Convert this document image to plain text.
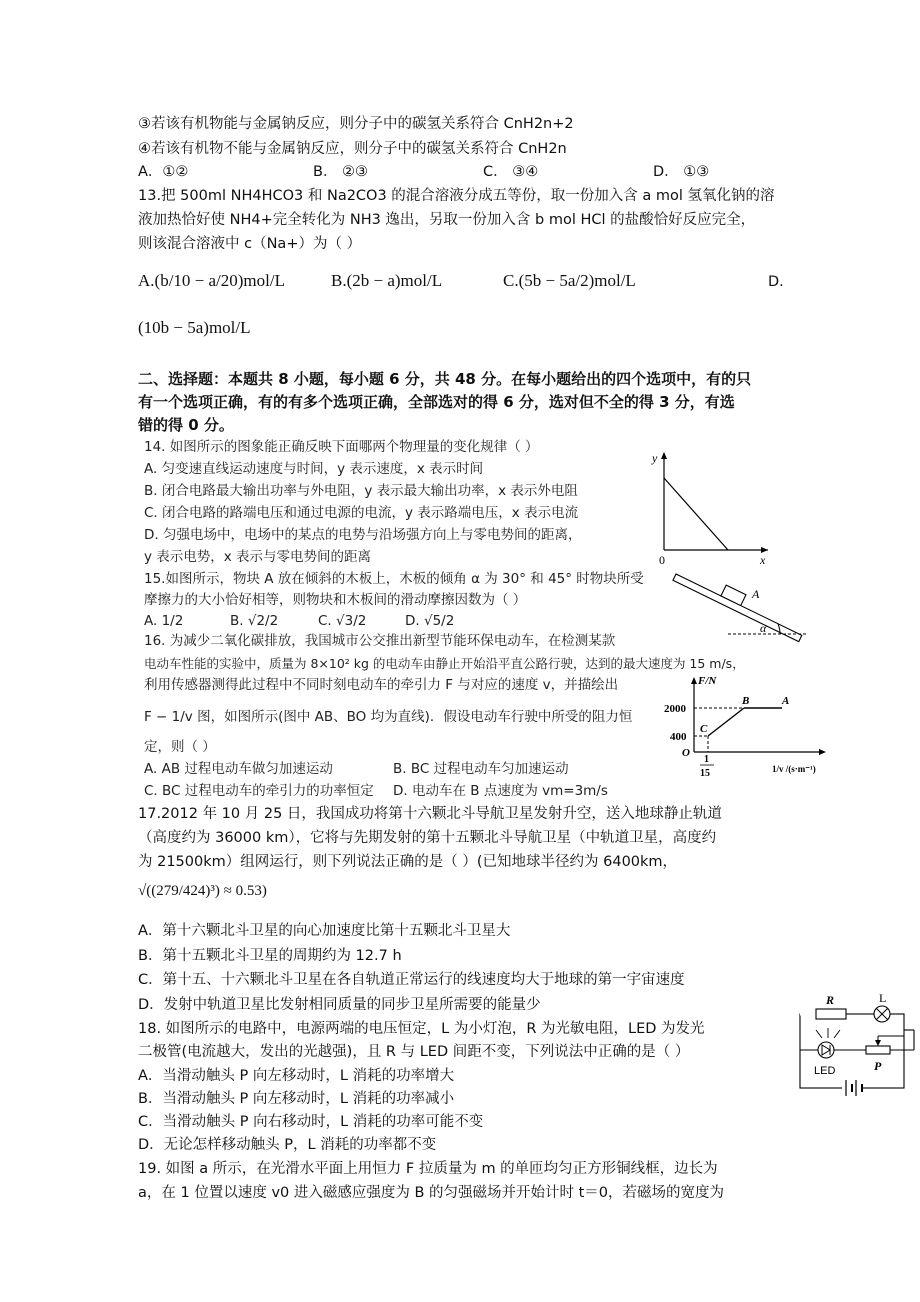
③若该有机物能与金属钠反应，则分子中的碳氢关系符合 CnH2n+2
④若该有机物不能与金属钠反应，则分子中的碳氢关系符合 CnH2n
A．①②	B． ②③	C． ③④	D． ①③
13.把 500ml NH4HCO3 和 Na2CO3 的混合溶液分成五等份，取一份加入含 a mol 氢氧化钠的溶
液加热恰好使 NH4+完全转化为 NH3 逸出，另取一份加入含 b mol HCl 的盐酸恰好反应完全，
则该混合溶液中 c（Na+）为（ ）
A.(b/10 − a/20)mol/L	B.(2b − a)mol/L	C.(5b − 5a/2)mol/L	D.
(10b − 5a)mol/L
二、选择题：本题共 8 小题，每小题 6 分，共 48 分。在每小题给出的四个选项中，有的只
有一个选项正确，有的有多个选项正确，全部选对的得 6 分，选对但不全的得 3 分，有选
错的得 0 分。
14. 如图所示的图象能正确反映下面哪两个物理量的变化规律（ ）
A. 匀变速直线运动速度与时间，y 表示速度，x 表示时间
B. 闭合电路最大输出功率与外电阻，y 表示最大输出功率，x 表示外电阻
C. 闭合电路的路端电压和通过电源的电流，y 表示路端电压，x 表示电流
D. 匀强电场中，电场中的某点的电势与沿场强方向上与零电势间的距离，
y 表示电势，x 表示与零电势间的距离
y
x
0
15.如图所示，物块 A 放在倾斜的木板上，木板的倾角 α 为 30° 和 45° 时物块所受
摩擦力的大小恰好相等，则物块和木板间的滑动摩擦因数为（ ）
A. 1/2	B. √2/2	C. √3/2	D. √5/2
A
α
16. 为减少二氧化碳排放，我国城市公交推出新型节能环保电动车，在检测某款
电动车性能的实验中，质量为 8×10² kg 的电动车由静止开始沿平直公路行驶，达到的最大速度为 15 m/s，
利用传感器测得此过程中不同时刻电动车的牵引力 F 与对应的速度 v，并描绘出
F − 1/v 图，如图所示(图中 AB、BO 均为直线)．假设电动车行驶中所受的阻力恒
定，则（ ）
A. AB 过程电动车做匀加速运动	B. BC 过程电动车匀加速运动
C. BC 过程电动车的牵引力的功率恒定 D. 电动车在 B 点速度为 vm=3m/s
F/N
2000
400
O
B	A
C
1
15	1/v /(s·m⁻¹)
17.2012 年 10 月 25 日，我国成功将第十六颗北斗导航卫星发射升空，送入地球静止轨道
（高度约为 36000 km），它将与先期发射的第十五颗北斗导航卫星（中轨道卫星，高度约
为 21500km）组网运行，则下列说法正确的是（ ）(已知地球半径约为 6400km，
√((279/424)³) ≈ 0.53)
A．第十六颗北斗卫星的向心加速度比第十五颗北斗卫星大
B．第十五颗北斗卫星的周期约为 12.7 h
C．第十五、十六颗北斗卫星在各自轨道正常运行的线速度均大于地球的第一宇宙速度
D．发射中轨道卫星比发射相同质量的同步卫星所需要的能量少
18. 如图所示的电路中，电源两端的电压恒定，L 为小灯泡，R 为光敏电阻，LED 为发光
二极管(电流越大，发出的光越强)，且 R 与 LED 间距不变，下列说法中正确的是（ ）
A．当滑动触头 P 向左移动时，L 消耗的功率增大
B．当滑动触头 P 向左移动时，L 消耗的功率减小
C．当滑动触头 P 向右移动时，L 消耗的功率可能不变
D．无论怎样移动触头 P，L 消耗的功率都不变
R	L
LED	P
19. 如图 a 所示，在光滑水平面上用恒力 F 拉质量为 m 的单匝均匀正方形铜线框，边长为
a，在 1 位置以速度 v0 进入磁感应强度为 B 的匀强磁场并开始计时 t＝0，若磁场的宽度为
